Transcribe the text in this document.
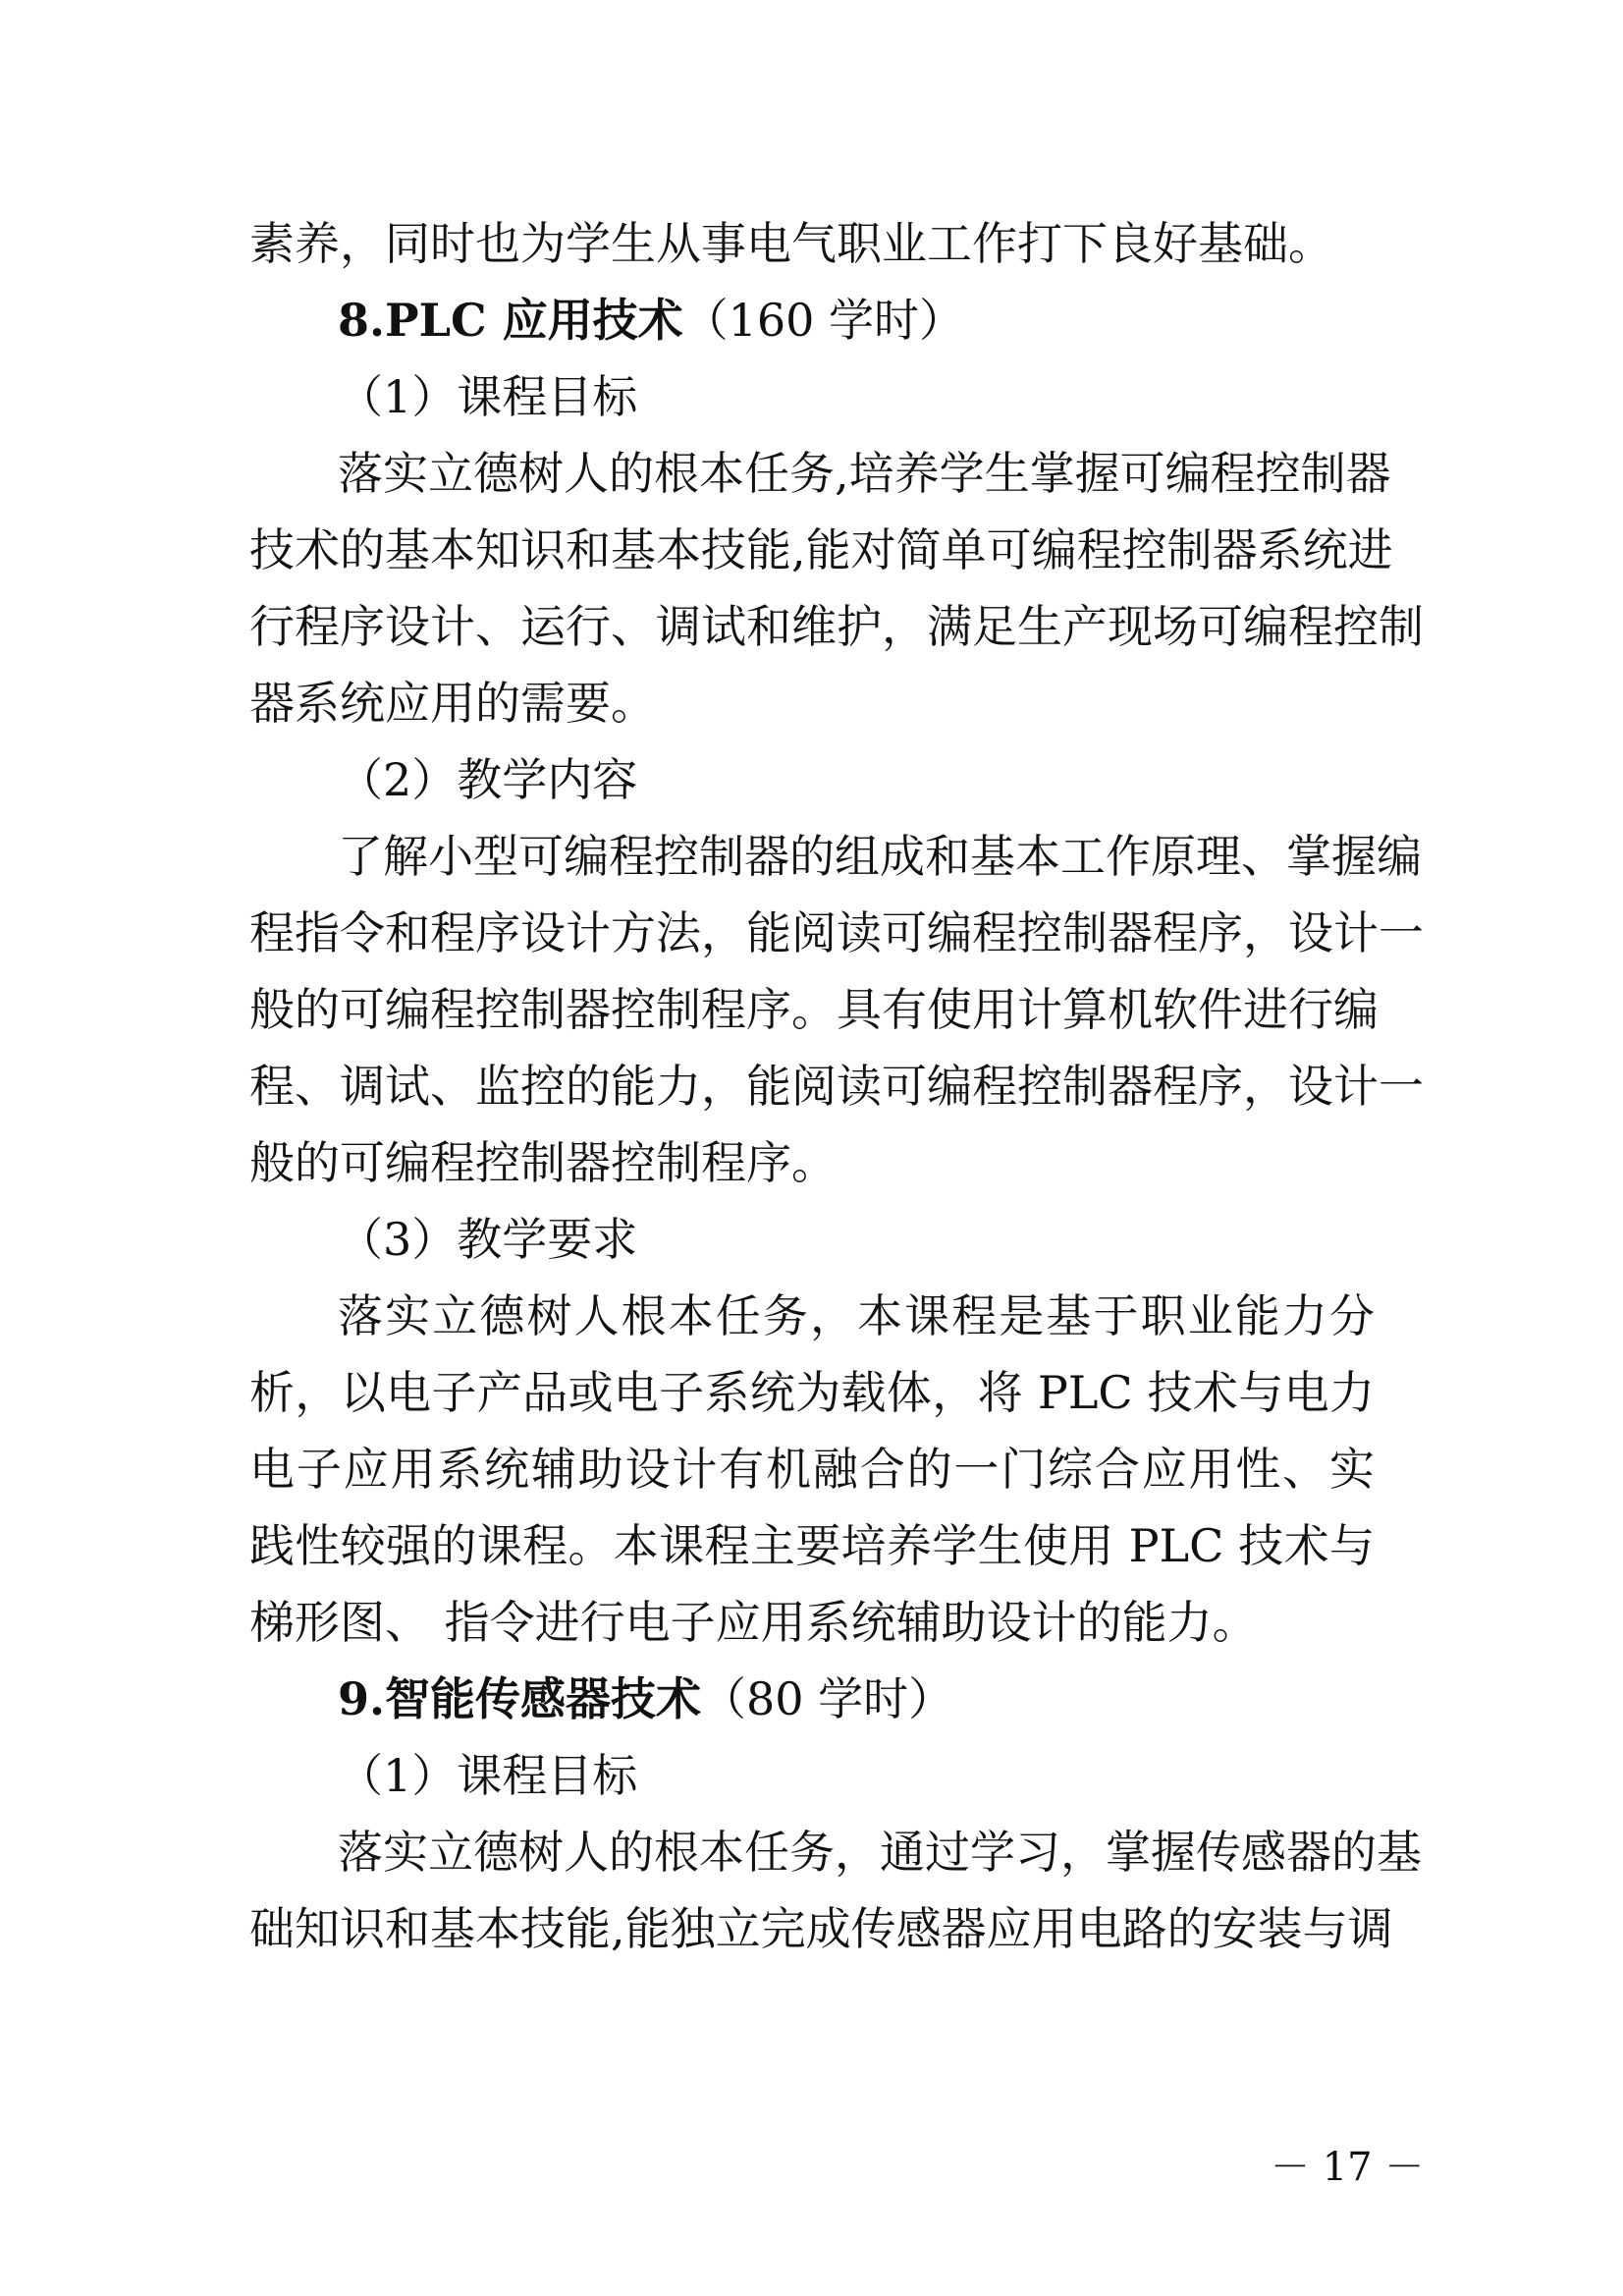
素养，同时也为学生从事电气职业工作打下良好基础。
8.PLC 应用技术（160 学时）
（1）课程目标
落实立德树人的根本任务,培养学生掌握可编程控制器
技术的基本知识和基本技能,能对简单可编程控制器系统进
行程序设计、运行、调试和维护，满足生产现场可编程控制
器系统应用的需要。
（2）教学内容
了解小型可编程控制器的组成和基本工作原理、掌握编
程指令和程序设计方法，能阅读可编程控制器程序，设计一
般的可编程控制器控制程序。具有使用计算机软件进行编
程、调试、监控的能力，能阅读可编程控制器程序，设计一
般的可编程控制器控制程序。
（3）教学要求
落实立德树人根本任务，本课程是基于职业能力分
析，以电子产品或电子系统为载体，将 PLC 技术与电力
电子应用系统辅助设计有机融合的一门综合应用性、实
践性较强的课程。本课程主要培养学生使用 PLC 技术与
梯形图、 指令进行电子应用系统辅助设计的能力。
9.智能传感器技术（80 学时）
（1）课程目标
落实立德树人的根本任务，通过学习，掌握传感器的基
础知识和基本技能,能独立完成传感器应用电路的安装与调
－ 17 －
